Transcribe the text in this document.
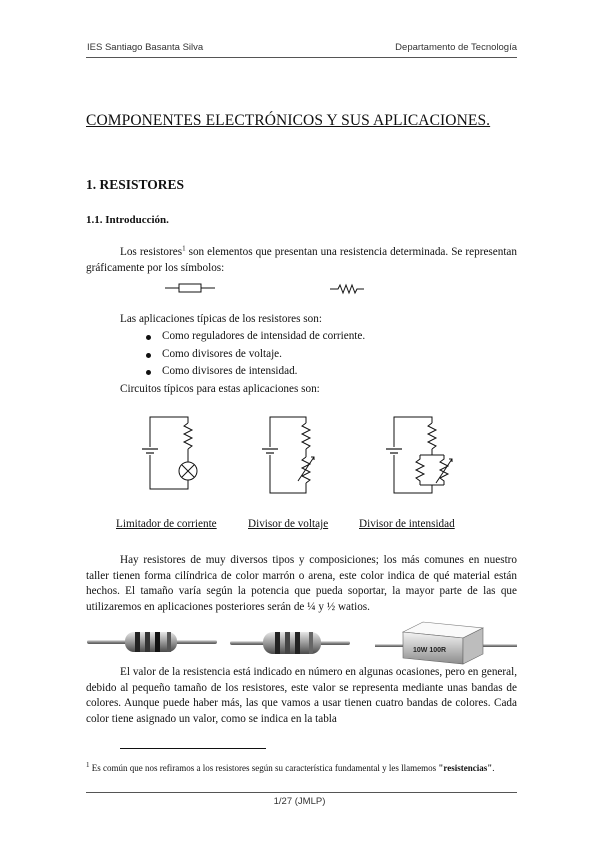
IES Santiago Basanta Silva	Departamento de Tecnología
COMPONENTES ELECTRÓNICOS Y SUS APLICACIONES.
1. RESISTORES
1.1. Introducción.

Los resistores$^1$ son elementos que presentan una resistencia determinada. Se representan gráficamente por los símbolos:

Las aplicaciones típicas de los resistores son:
Como reguladores de intensidad de corriente.
Como divisores de voltaje.
Como divisores de intensidad.
Circuitos típicos para estas aplicaciones son:
Limitador de corriente	Divisor de voltaje	Divisor de intensidad

Hay resistores de muy diversos tipos y composiciones; los más comunes en nuestro taller tienen forma cilíndrica de color marrón o arena, este color indica de qué material están hechos. El tamaño varía según la potencia que pueda soportar, la mayor parte de las que utilizaremos en aplicaciones posteriores serán de ¼ y ½ watios.

10W 100R

El valor de la resistencia está indicado en número en algunas ocasiones, pero en general, debido al pequeño tamaño de los resistores, este valor se representa mediante unas bandas de colores. Aunque puede haber más, las que vamos a usar tienen cuatro bandas de colores. Cada color tiene asignado un valor, como se indica en la tabla

$^1$ Es común que nos refiramos a los resistores según su característica fundamental y les llamemos "resistencias".
1/27 (JMLP)
